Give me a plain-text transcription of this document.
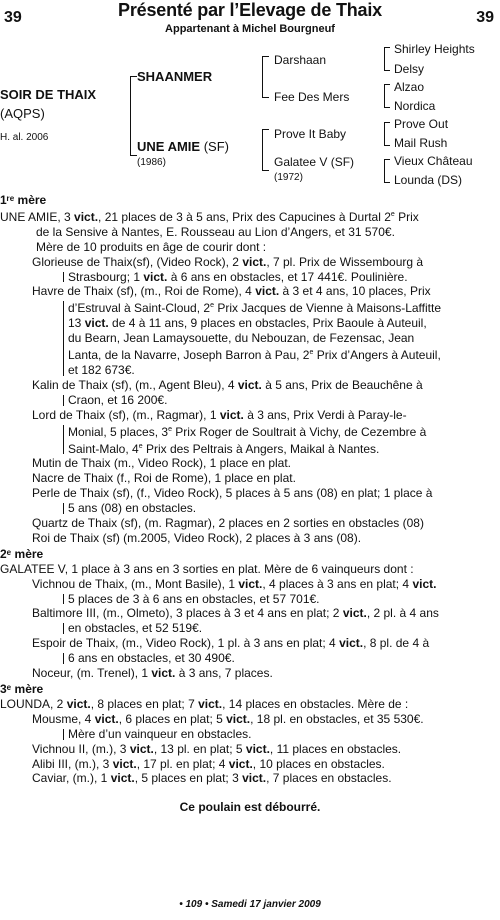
39	Présenté par l’Elevage de Thaix
Appartenant à Michel Bourgneuf
39
SOIR DE THAIX
(AQPS)
H. al. 2006
SHAANMER
UNE AMIE (SF)
(1986)
Darshaan
Fee Des Mers
Prove It Baby
Galatee V (SF)
(1972)
Shirley Heights
Delsy
Alzao
Nordica
Prove Out
Mail Rush
Vieux Château
Lounda (DS)
1ʳᵉ mère
UNE AMIE, 3 vict., 21 places de 3 à 5 ans, Prix des Capucines à Durtal 2e Prix
de la Sensive à Nantes, E. Rousseau au Lion d’Angers, et 31 570€.
Mère de 10 produits en âge de courir dont :
Glorieuse de Thaix(sf), (Video Rock), 2 vict., 7 pl. Prix de Wissembourg à
Strasbourg; 1 vict. à 6 ans en obstacles, et 17 441€. Poulinière.
Havre de Thaix (sf), (m., Roi de Rome), 4 vict. à 3 et 4 ans, 10 places, Prix
d’Estruval à Saint-Cloud, 2e Prix Jacques de Vienne à Maisons-Laffitte
13 vict. de 4 à 11 ans, 9 places en obstacles, Prix Baoule à Auteuil,
du Bearn, Jean Lamaysouette, du Nebouzan, de Fezensac, Jean
Lanta, de la Navarre, Joseph Barron à Pau, 2e Prix d’Angers à Auteuil,
et 182 673€.
Kalin de Thaix (sf), (m., Agent Bleu), 4 vict. à 5 ans, Prix de Beauchêne à
Craon, et 16 200€.
Lord de Thaix (sf), (m., Ragmar), 1 vict. à 3 ans, Prix Verdi à Paray-le-
Monial, 5 places, 3e Prix Roger de Soultrait à Vichy, de Cezembre à
Saint-Malo, 4e Prix des Peltrais à Angers, Maikal à Nantes.
Mutin de Thaix (m., Video Rock), 1 place en plat.
Nacre de Thaix (f., Roi de Rome), 1 place en plat.
Perle de Thaix (sf), (f., Video Rock), 5 places à 5 ans (08) en plat; 1 place à
5 ans (08) en obstacles.
Quartz de Thaix (sf), (m. Ragmar), 2 places en 2 sorties en obstacles (08)
Roi de Thaix (sf) (m.2005, Video Rock), 2 places à 3 ans (08).
2ᵉ mère
GALATEE V, 1 place à 3 ans en 3 sorties en plat. Mère de 6 vainqueurs dont :
Vichnou de Thaix, (m., Mont Basile), 1 vict., 4 places à 3 ans en plat; 4 vict.
5 places de 3 à 6 ans en obstacles, et 57 701€.
Baltimore III, (m., Olmeto), 3 places à 3 et 4 ans en plat; 2 vict., 2 pl. à 4 ans
en obstacles, et 52 519€.
Espoir de Thaix, (m., Video Rock), 1 pl. à 3 ans en plat; 4 vict., 8 pl. de 4 à
6 ans en obstacles, et 30 490€.
Noceur, (m. Trenel), 1 vict. à 3 ans, 7 places.
3ᵉ mère
LOUNDA, 2 vict., 8 places en plat; 7 vict., 14 places en obstacles. Mère de :
Mousme, 4 vict., 6 places en plat; 5 vict., 18 pl. en obstacles, et 35 530€.
Mère d’un vainqueur en obstacles.
Vichnou II, (m.), 3 vict., 13 pl. en plat; 5 vict., 11 places en obstacles.
Alibi III, (m.), 3 vict., 17 pl. en plat; 4 vict., 10 places en obstacles.
Caviar, (m.), 1 vict., 5 places en plat; 3 vict., 7 places en obstacles.
Ce poulain est débourré.
• 109 • Samedi 17 janvier 2009
